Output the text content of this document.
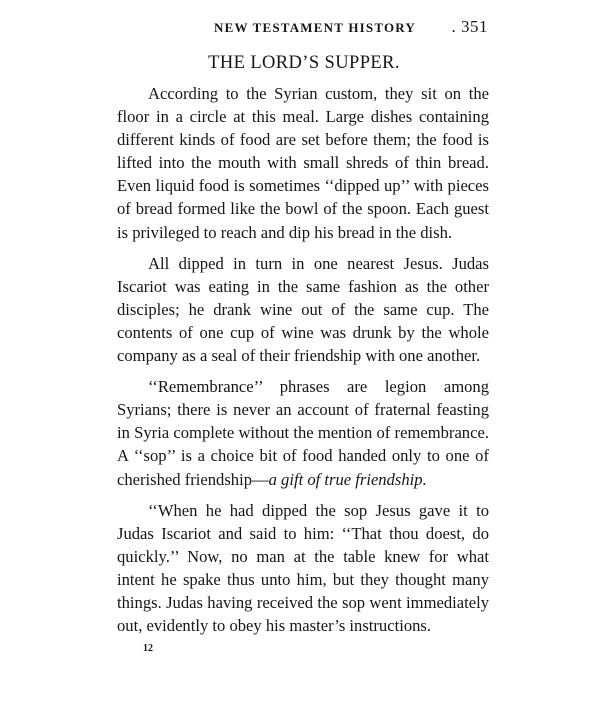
NEW TESTAMENT HISTORY	. 351
THE LORD’S SUPPER.

According to the Syrian custom, they sit on the floor in a circle at this meal. Large dishes containing different kinds of food are set before them; the food is lifted into the mouth with small shreds of thin bread. Even liquid food is sometimes ‘‘dipped up’’ with pieces of bread formed like the bowl of the spoon. Each guest is privileged to reach and dip his bread in the dish.

All dipped in turn in one nearest Jesus. Judas Iscariot was eating in the same fashion as the other disciples; he drank wine out of the same cup. The contents of one cup of wine was drunk by the whole company as a seal of their friendship with one another.

‘‘Remembrance’’ phrases are legion among Syrians; there is never an account of fraternal feasting in Syria complete without the mention of remembrance. A ‘‘sop’’ is a choice bit of food handed only to one of cherished friendship—a gift of true friendship.

‘‘When he had dipped the sop Jesus gave it to Judas Iscariot and said to him: ‘‘That thou doest, do quickly.’’ Now, no man at the table knew for what intent he spake thus unto him, but they thought many things. Judas having received the sop went immediately out, evidently to obey his master’s instructions.

12
